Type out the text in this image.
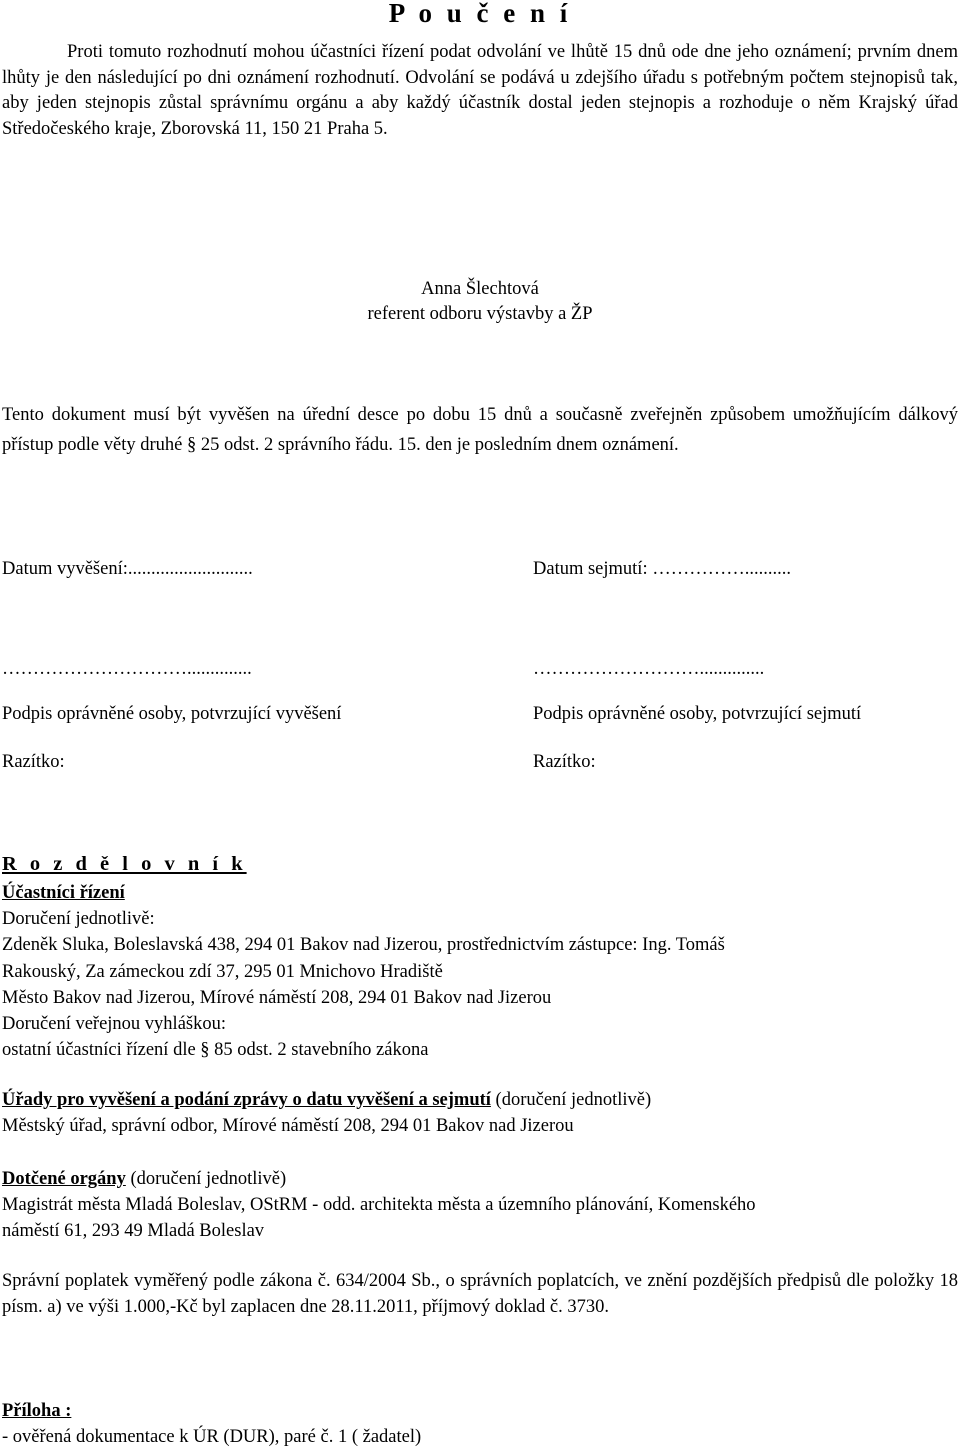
P o u č e n í
Proti tomuto rozhodnutí mohou účastníci řízení podat odvolání ve lhůtě 15 dnů ode dne jeho oznámení; prvním dnem lhůty je den následující po dni oznámení rozhodnutí. Odvolání se podává u zdejšího úřadu s potřebným počtem stejnopisů tak, aby jeden stejnopis zůstal správnímu orgánu a aby každý účastník dostal jeden stejnopis a rozhoduje o něm Krajský úřad Středočeského kraje, Zborovská 11, 150 21 Praha 5.
Anna Šlechtová
referent odboru výstavby a ŽP
Tento dokument musí být vyvěšen na úřední desce po dobu 15 dnů a současně zveřejněn způsobem umožňujícím dálkový přístup podle věty druhé § 25 odst. 2 správního řádu. 15. den je posledním dnem oznámení.
Datum vyvěšení:...........................	Datum sejmutí: ……………..........
…………………………..............	………………………..............
Podpis oprávněné osoby, potvrzující vyvěšení	Podpis oprávněné osoby, potvrzující sejmutí
Razítko:	Razítko:
R o z d ě l o v n í k
Účastníci řízení
Doručení jednotlivě:
Zdeněk Sluka, Boleslavská 438, 294 01 Bakov nad Jizerou, prostřednictvím zástupce: Ing. Tomáš
Rakouský, Za zámeckou zdí 37, 295 01 Mnichovo Hradiště
Město Bakov nad Jizerou, Mírové náměstí 208, 294 01 Bakov nad Jizerou
Doručení veřejnou vyhláškou:
ostatní účastníci řízení dle § 85 odst. 2 stavebního zákona
Úřady pro vyvěšení a podání zprávy o datu vyvěšení a sejmutí (doručení jednotlivě)
Městský úřad, správní odbor, Mírové náměstí 208, 294 01 Bakov nad Jizerou
Dotčené orgány (doručení jednotlivě)
Magistrát města Mladá Boleslav, OStRM - odd. architekta města a územního plánování, Komenského
náměstí 61, 293 49 Mladá Boleslav
Správní poplatek vyměřený podle zákona č. 634/2004 Sb., o správních poplatcích, ve znění pozdějších předpisů dle položky 18 písm. a) ve výši 1.000,-Kč byl zaplacen dne 28.11.2011, příjmový doklad č. 3730.
Příloha :
- ověřená dokumentace k ÚR (DUR), paré č. 1 ( žadatel)
